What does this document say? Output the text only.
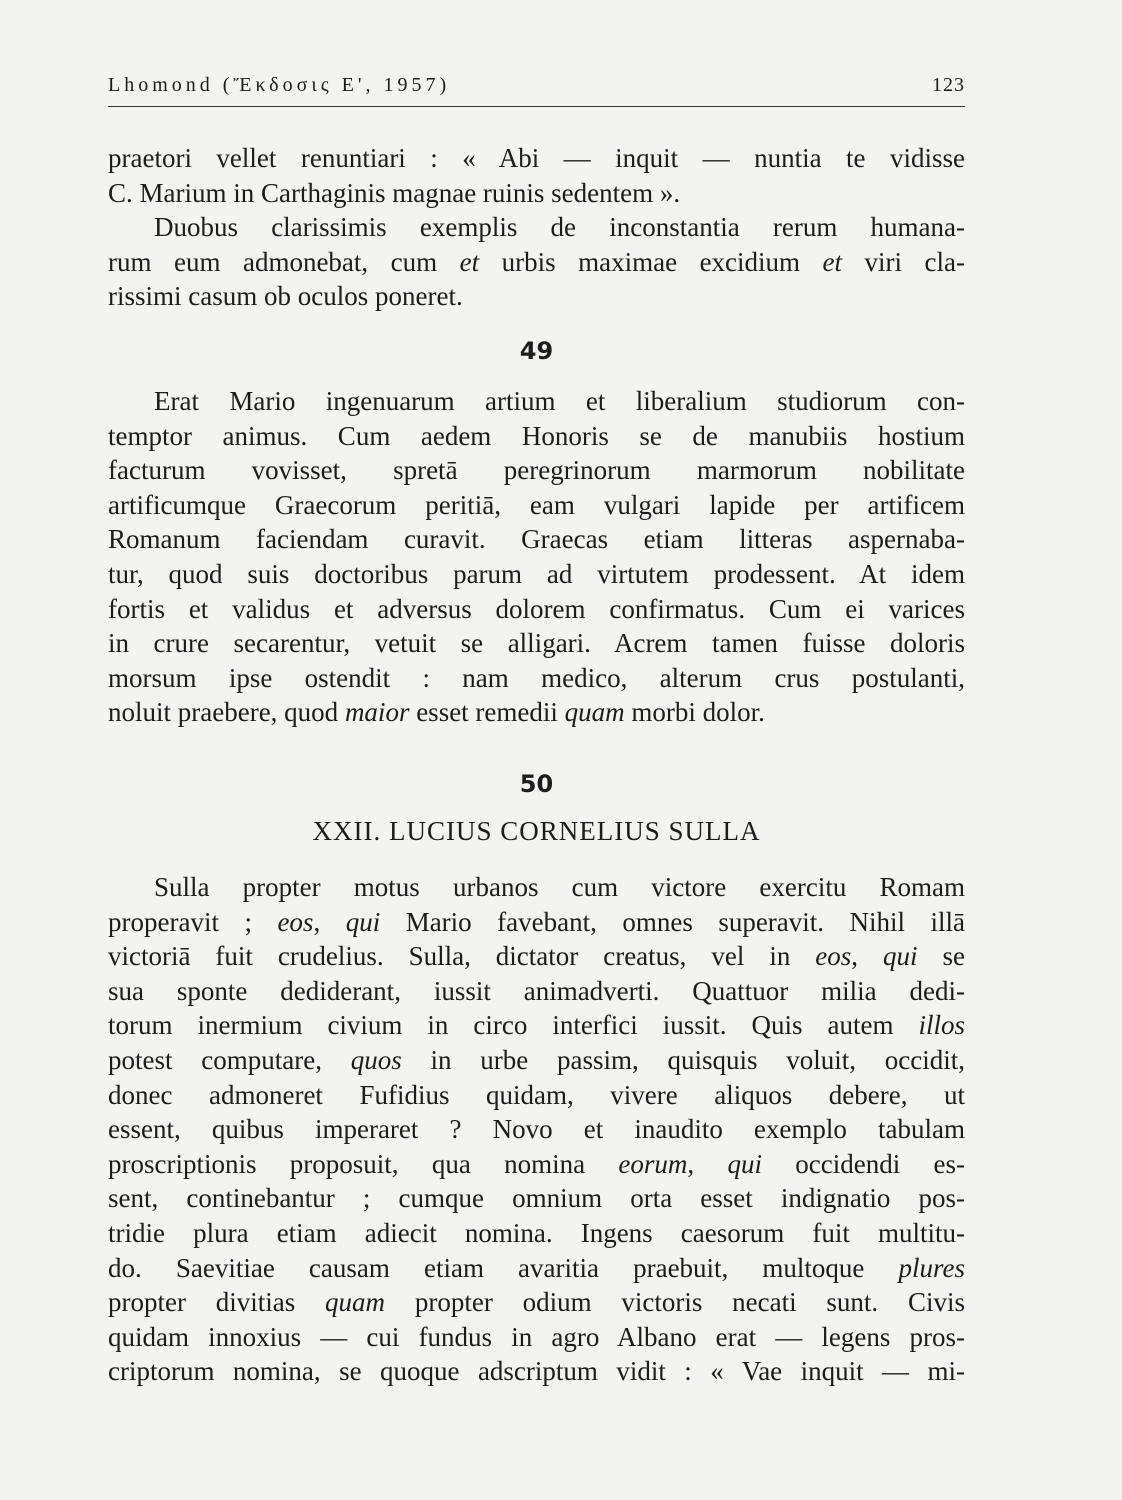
Lhomond (Ἔκδοσις Ε', 1957)	123
praetori vellet renuntiari : « Abi — inquit — nuntia te vidisse
C. Marium in Carthaginis magnae ruinis sedentem ».
Duobus clarissimis exemplis de inconstantia rerum humana-
rum eum admonebat, cum et urbis maximae excidium et viri cla-
rissimi casum ob oculos poneret.
49
Erat Mario ingenuarum artium et liberalium studiorum con-
temptor animus. Cum aedem Honoris se de manubiis hostium
facturum vovisset, spretā peregrinorum marmorum nobilitate
artificumque Graecorum peritiā, eam vulgari lapide per artificem
Romanum faciendam curavit. Graecas etiam litteras aspernaba-
tur, quod suis doctoribus parum ad virtutem prodessent. At idem
fortis et validus et adversus dolorem confirmatus. Cum ei varices
in crure secarentur, vetuit se alligari. Acrem tamen fuisse doloris
morsum ipse ostendit : nam medico, alterum crus postulanti,
noluit praebere, quod maior esset remedii quam morbi dolor.
50
XXII. LUCIUS CORNELIUS SULLA
Sulla propter motus urbanos cum victore exercitu Romam
properavit ; eos, qui Mario favebant, omnes superavit. Nihil illā
victoriā fuit crudelius. Sulla, dictator creatus, vel in eos, qui se
sua sponte dediderant, iussit animadverti. Quattuor milia dedi-
torum inermium civium in circo interfici iussit. Quis autem illos
potest computare, quos in urbe passim, quisquis voluit, occidit,
donec admoneret Fufidius quidam, vivere aliquos debere, ut
essent, quibus imperaret ? Novo et inaudito exemplo tabulam
proscriptionis proposuit, qua nomina eorum, qui occidendi es-
sent, continebantur ; cumque omnium orta esset indignatio pos-
tridie plura etiam adiecit nomina. Ingens caesorum fuit multitu-
do. Saevitiae causam etiam avaritia praebuit, multoque plures
propter divitias quam propter odium victoris necati sunt. Civis
quidam innoxius — cui fundus in agro Albano erat — legens pros-
criptorum nomina, se quoque adscriptum vidit : « Vae inquit — mi-
